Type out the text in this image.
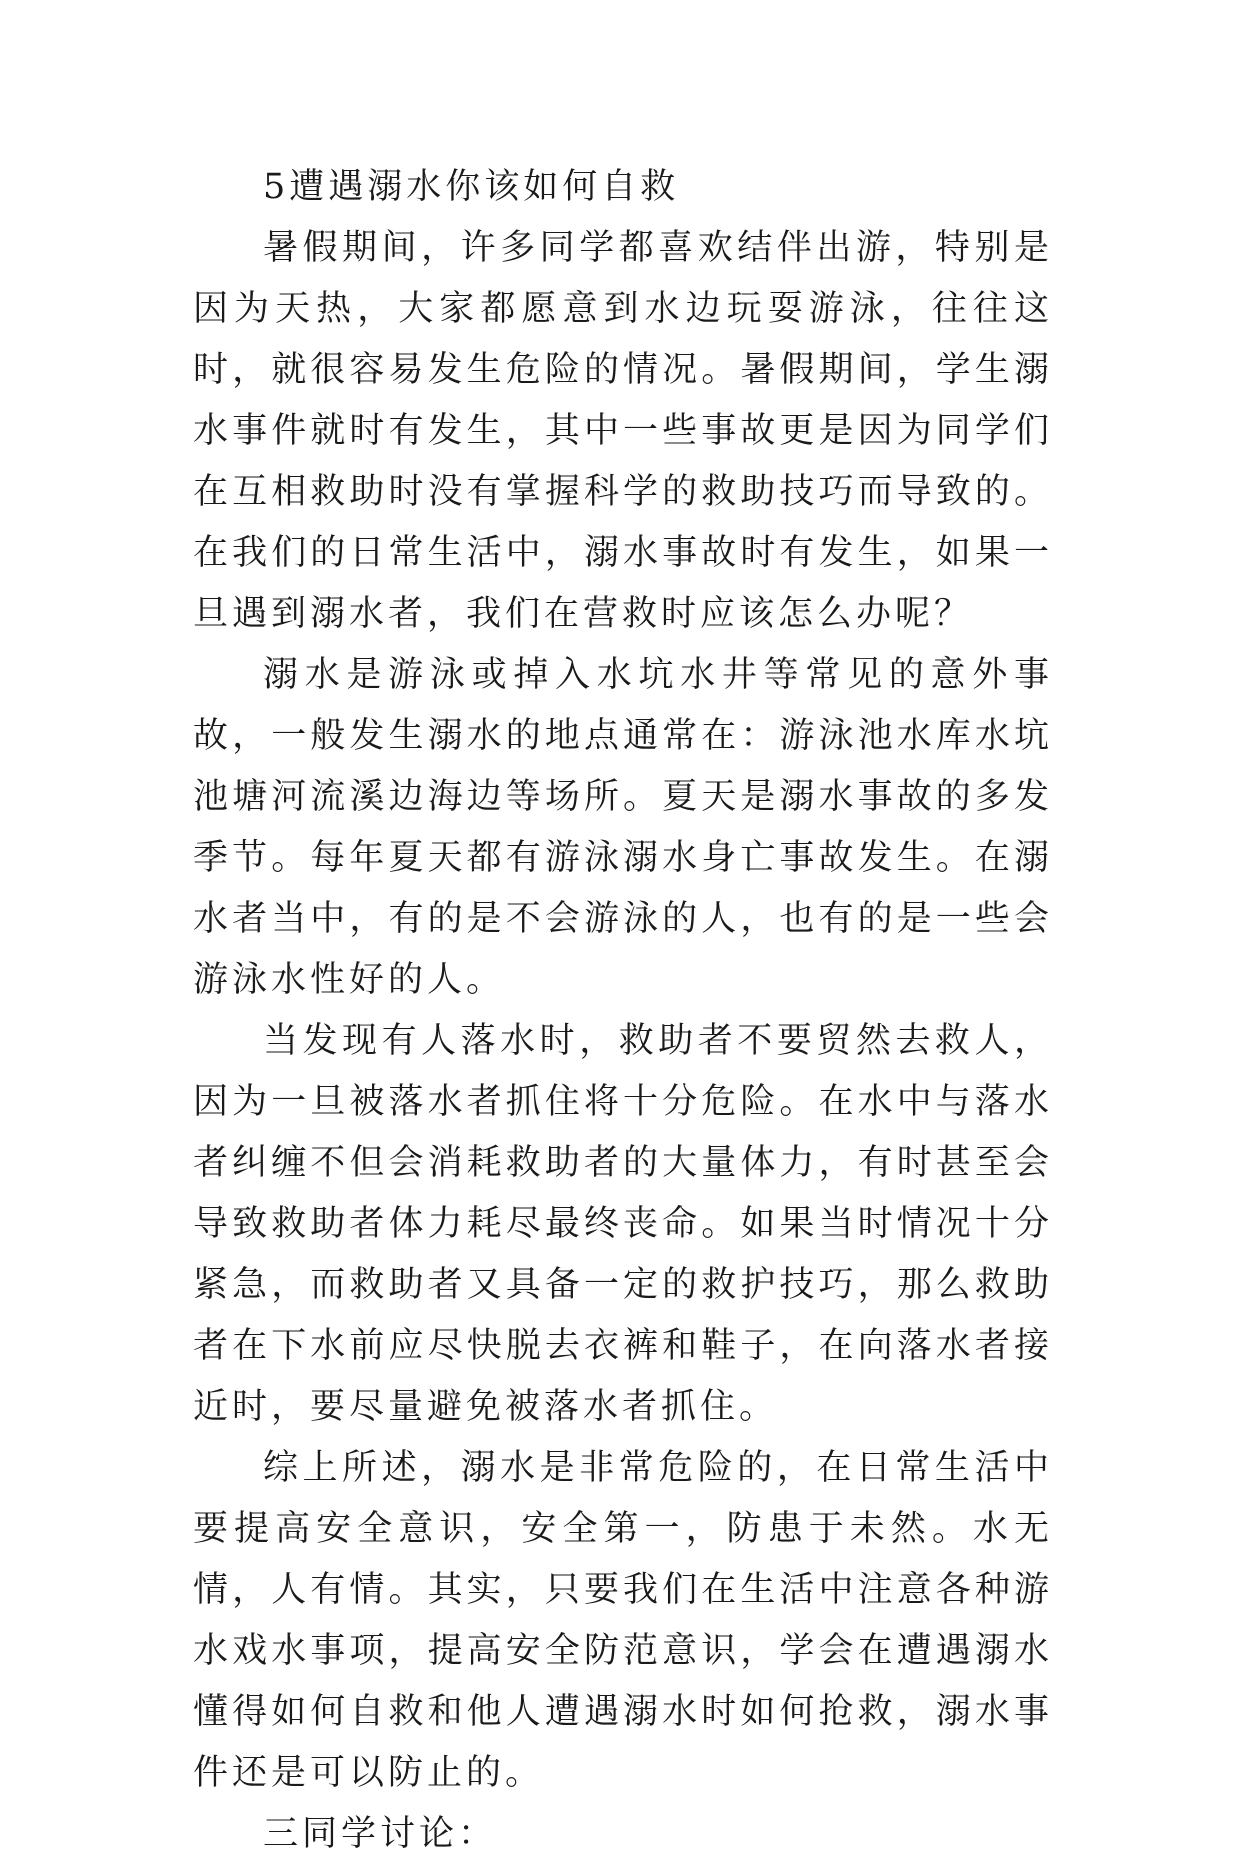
5遭遇溺水你该如何自救

暑假期间，许多同学都喜欢结伴出游，特别是因为天热，大家都愿意到水边玩耍游泳，往往这时，就很容易发生危险的情况。暑假期间，学生溺水事件就时有发生，其中一些事故更是因为同学们在互相救助时没有掌握科学的救助技巧而导致的。在我们的日常生活中，溺水事故时有发生，如果一旦遇到溺水者，我们在营救时应该怎么办呢？

溺水是游泳或掉入水坑水井等常见的意外事故，一般发生溺水的地点通常在：游泳池水库水坑池塘河流溪边海边等场所。夏天是溺水事故的多发季节。每年夏天都有游泳溺水身亡事故发生。在溺水者当中，有的是不会游泳的人，也有的是一些会游泳水性好的人。

当发现有人落水时，救助者不要贸然去救人，因为一旦被落水者抓住将十分危险。在水中与落水者纠缠不但会消耗救助者的大量体力，有时甚至会导致救助者体力耗尽最终丧命。如果当时情况十分紧急，而救助者又具备一定的救护技巧，那么救助者在下水前应尽快脱去衣裤和鞋子，在向落水者接近时，要尽量避免被落水者抓住。

综上所述，溺水是非常危险的，在日常生活中要提高安全意识，安全第一，防患于未然。水无情，人有情。其实，只要我们在生活中注意各种游水戏水事项，提高安全防范意识，学会在遭遇溺水懂得如何自救和他人遭遇溺水时如何抢救，溺水事件还是可以防止的。

三同学讨论：
